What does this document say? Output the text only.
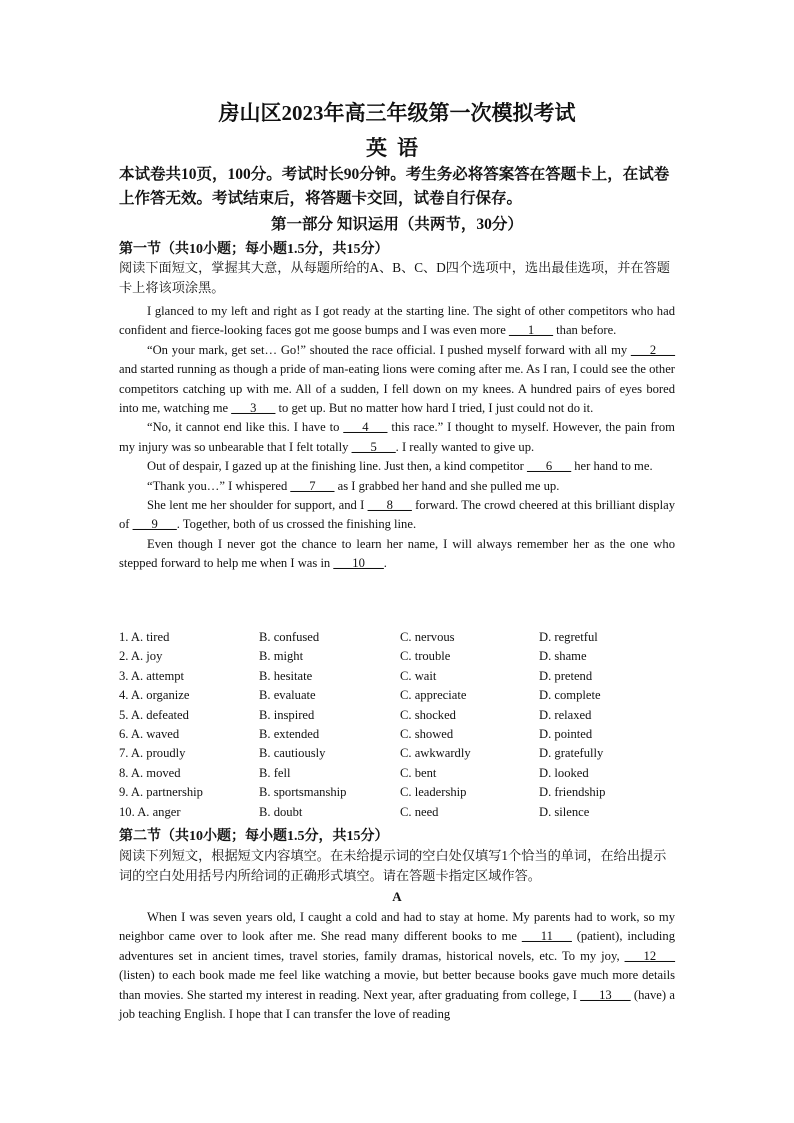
房山区2023年高三年级第一次模拟考试
英语
本试卷共10页，100分。考试时长90分钟。考生务必将答案答在答题卡上，在试卷上作答无效。考试结束后，将答题卡交回，试卷自行保存。
第一部分 知识运用（共两节，30分）
第一节（共10小题；每小题1.5分，共15分）
阅读下面短文，掌握其大意，从每题所给的A、B、C、D四个选项中，选出最佳选项，并在答题卡上将该项涂黑。

I glanced to my left and right as I got ready at the starting line. The sight of other competitors who had confident and fierce-looking faces got me goose bumps and I was even more ___1___ than before.

“On your mark, get set… Go!” shouted the race official. I pushed myself forward with all my ___2___ and started running as though a pride of man-eating lions were coming after me. As I ran, I could see the other competitors catching up with me. All of a sudden, I fell down on my knees. A hundred pairs of eyes bored into me, watching me ___3___ to get up. But no matter how hard I tried, I just could not do it.

“No, it cannot end like this. I have to ___4___ this race.” I thought to myself. However, the pain from my injury was so unbearable that I felt totally ___5___. I really wanted to give up.

Out of despair, I gazed up at the finishing line. Just then, a kind competitor ___6___ her hand to me.

“Thank you…” I whispered ___7___ as I grabbed her hand and she pulled me up.

She lent me her shoulder for support, and I ___8___ forward. The crowd cheered at this brilliant display of ___9___. Together, both of us crossed the finishing line.

Even though I never got the chance to learn her name, I will always remember her as the one who stepped forward to help me when I was in ___10___.

1. A. tired	B. confused	C. nervous	D. regretful
2. A. joy	B. might	C. trouble	D. shame
3. A. attempt	B. hesitate	C. wait	D. pretend
4. A. organize	B. evaluate	C. appreciate	D. complete
5. A. defeated	B. inspired	C. shocked	D. relaxed
6. A. waved	B. extended	C. showed	D. pointed
7. A. proudly	B. cautiously	C. awkwardly	D. gratefully
8. A. moved	B. fell	C. bent	D. looked
9. A. partnership	B. sportsmanship	C. leadership	D. friendship
10. A. anger	B. doubt	C. need	D. silence
第二节（共10小题；每小题1.5分，共15分）
阅读下列短文，根据短文内容填空。在未给提示词的空白处仅填写1个恰当的单词，在给出提示词的空白处用括号内所给词的正确形式填空。请在答题卡指定区域作答。
A

When I was seven years old, I caught a cold and had to stay at home. My parents had to work, so my neighbor came over to look after me. She read many different books to me ___11___ (patient), including adventures set in ancient times, travel stories, family dramas, historical novels, etc. To my joy, ___12___ (listen) to each book made me feel like watching a movie, but better because books gave much more details than movies. She started my interest in reading. Next year, after graduating from college, I ___13___ (have) a job teaching English. I hope that I can transfer the love of reading
